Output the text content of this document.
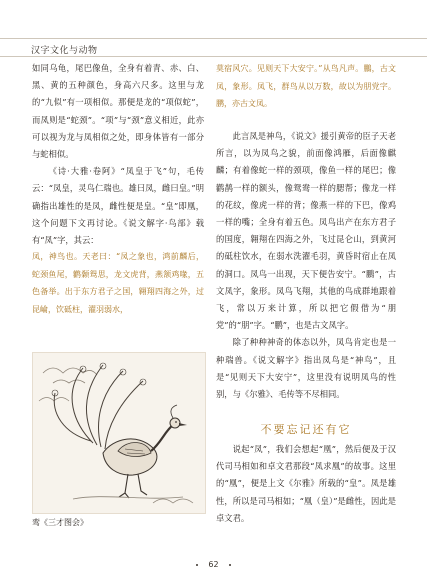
汉字文化与动物

如同乌龟，尾巴像鱼，全身有着青、赤、白、黑、黄的五种颜色，身高六尺多。这里与龙的“九似”有一项相似。那便是龙的“项似蛇”，而凤则是“蛇颈”。“项”与“颈”意义相近，此亦可以视为龙与凤相似之处，即身体皆有一部分与蛇相似。

《诗·大雅·卷阿》“凤皇于飞”句，毛传云：“凤皇，灵鸟仁瑞也。雄曰凤，雌曰皇。”明确指出雄性的是凤，雌性便是皇。“皇”即凰，这个问题下文再讨论。《说文解字·鸟部》载有“凤”字，其云：

凤，神鸟也。天老曰：“凤之象也，鸿前麟后，蛇颈鱼尾，鹳颡鸳思，龙文虎背，燕颔鸡喙，五色备举。出于东方君子之国，翱翔四海之外，过昆崘，饮砥柱，濯羽弱水，
鸾《三才图会》
莫宿风穴。见则天下大安宁。”从鸟凡声。鵬，古文凤，象形。凤飞，群鸟从以万数，故以为朋党字。鹏，亦古文凤。

此言凤是神鸟，《说文》援引黄帝的臣子天老所言，以为凤鸟之貌，前面像鸿雁，后面像麒麟；有着像蛇一样的颈项，像鱼一样的尾巴；像鹳鹊一样的额头，像鸳鸯一样的腮帮；像龙一样的花纹，像虎一样的背；像燕一样的下巴，像鸡一样的嘴；全身有着五色。凤鸟出产在东方君子的国度，翱翔在四海之外，飞过昆仑山，到黄河的砥柱饮水，在弱水洗濯毛羽，黄昏时宿止在凤的洞口。凤鸟一出现，天下便告安宁。“鵬”，古文凤字，象形。凤鸟飞翔，其他的鸟成群地跟着飞，常以万来计算，所以把它假借为“朋党”的“朋”字。“鹏”，也是古文凤字。

除了种种神奇的体态以外，凤鸟肯定也是一种瑞兽。《说文解字》指出凤鸟是“神鸟”，且是“见则天下大安宁”，这里没有说明凤鸟的性别，与《尔雅》、毛传等不尽相同。

不要忘记还有它

说起“凤”，我们会想起“凰”，然后便及于汉代司马相如和卓文君那段“凤求凰”的故事。这里的“凰”，便是上文《尔雅》所载的“皇”。凤是雄性，所以是司马相如；“凰（皇）”是雌性，因此是卓文君。

62
